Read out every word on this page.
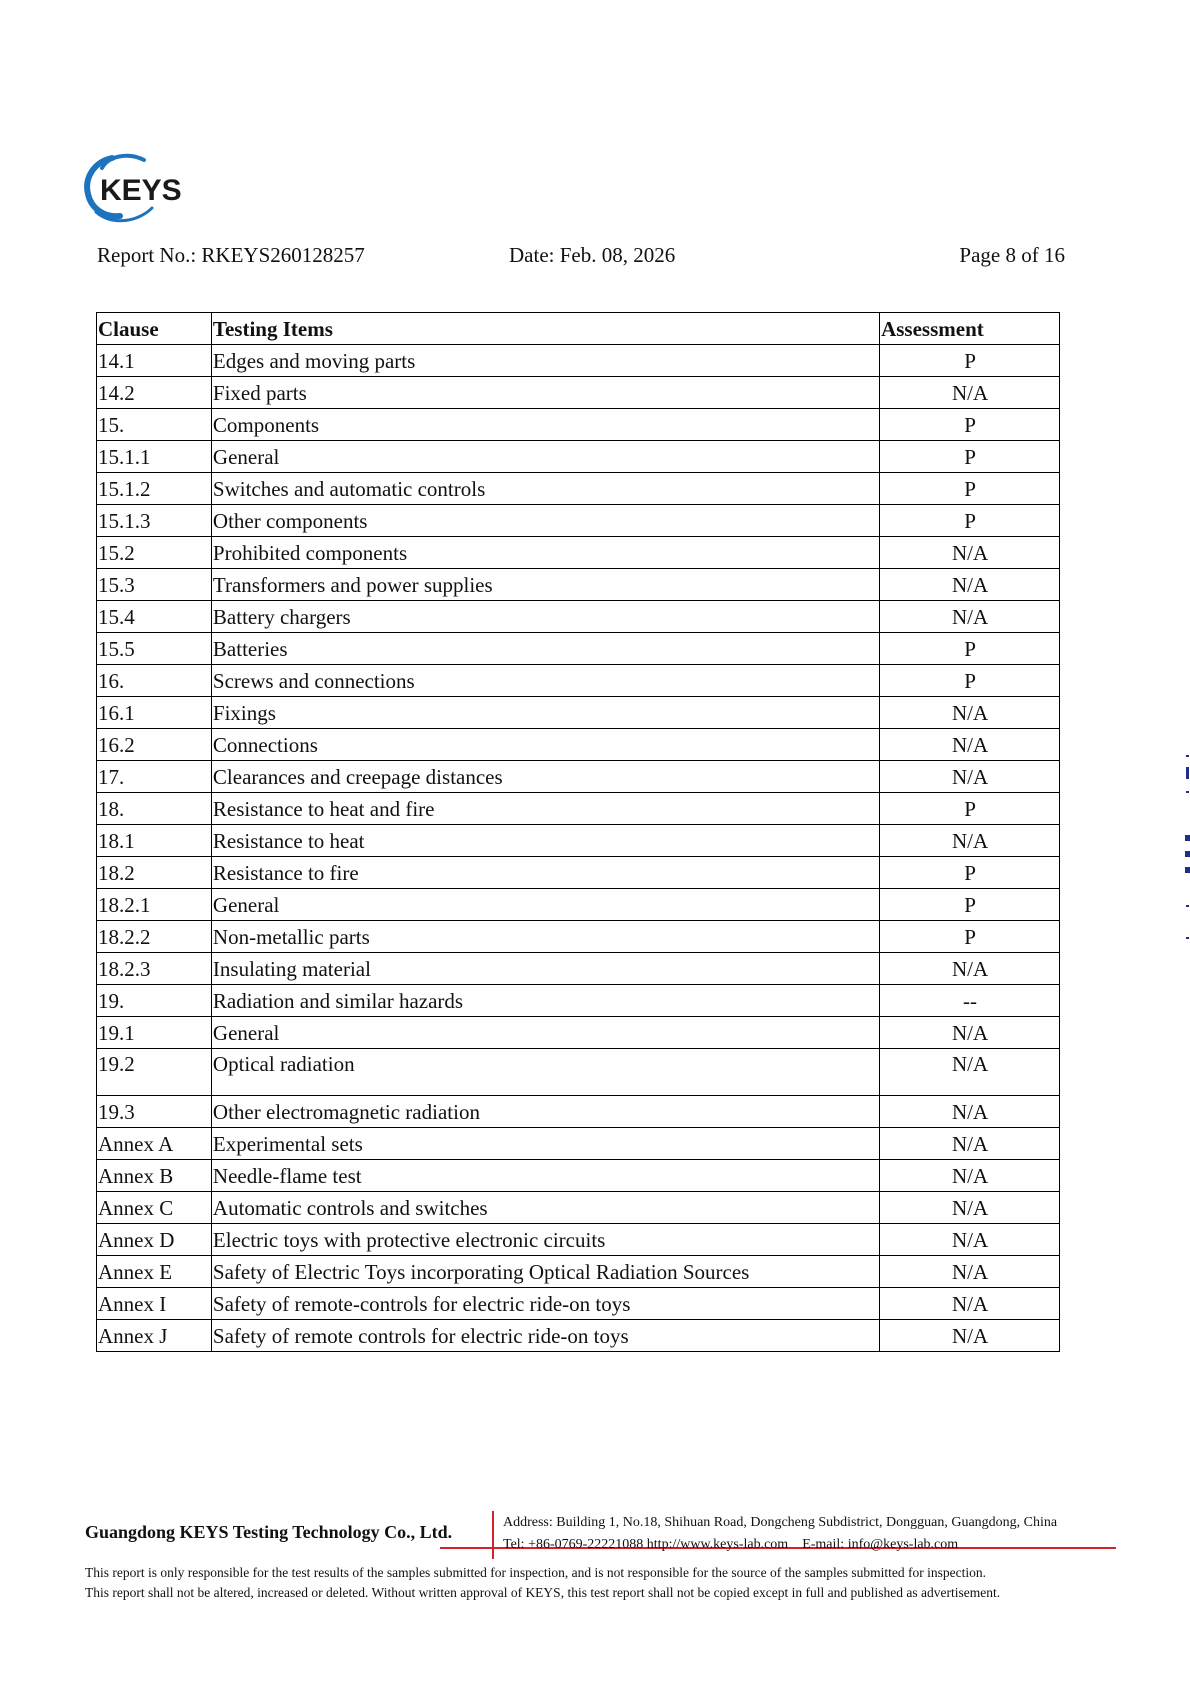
KEYS
Report No.: RKEYS260128257	Date: Feb. 08, 2026	Page 8 of 16
Clause	Testing Items	Assessment
14.1	Edges and moving parts	P
14.2	Fixed parts	N/A
15.	Components	P
15.1.1	General	P
15.1.2	Switches and automatic controls	P
15.1.3	Other components	P
15.2	Prohibited components	N/A
15.3	Transformers and power supplies	N/A
15.4	Battery chargers	N/A
15.5	Batteries	P
16.	Screws and connections	P
16.1	Fixings	N/A
16.2	Connections	N/A
17.	Clearances and creepage distances	N/A
18.	Resistance to heat and fire	P
18.1	Resistance to heat	N/A
18.2	Resistance to fire	P
18.2.1	General	P
18.2.2	Non-metallic parts	P
18.2.3	Insulating material	N/A
19.	Radiation and similar hazards	--
19.1	General	N/A
19.2	Optical radiation	N/A
19.3	Other electromagnetic radiation	N/A
Annex A	Experimental sets	N/A
Annex B	Needle-flame test	N/A
Annex C	Automatic controls and switches	N/A
Annex D	Electric toys with protective electronic circuits	N/A
Annex E	Safety of Electric Toys incorporating Optical Radiation Sources	N/A
Annex I	Safety of remote-controls for electric ride-on toys	N/A
Annex J	Safety of remote controls for electric ride-on toys	N/A
Guangdong KEYS Testing Technology Co., Ltd.	Address: Building 1, No.18, Shihuan Road, Dongcheng Subdistrict, Dongguan, Guangdong, China
Tel: +86-0769-22221088 http://www.keys-lab.com E-mail: info@keys-lab.com
This report is only responsible for the test results of the samples submitted for inspection, and is not responsible for the source of the samples submitted for inspection.
This report shall not be altered, increased or deleted. Without written approval of KEYS, this test report shall not be copied except in full and published as advertisement.
